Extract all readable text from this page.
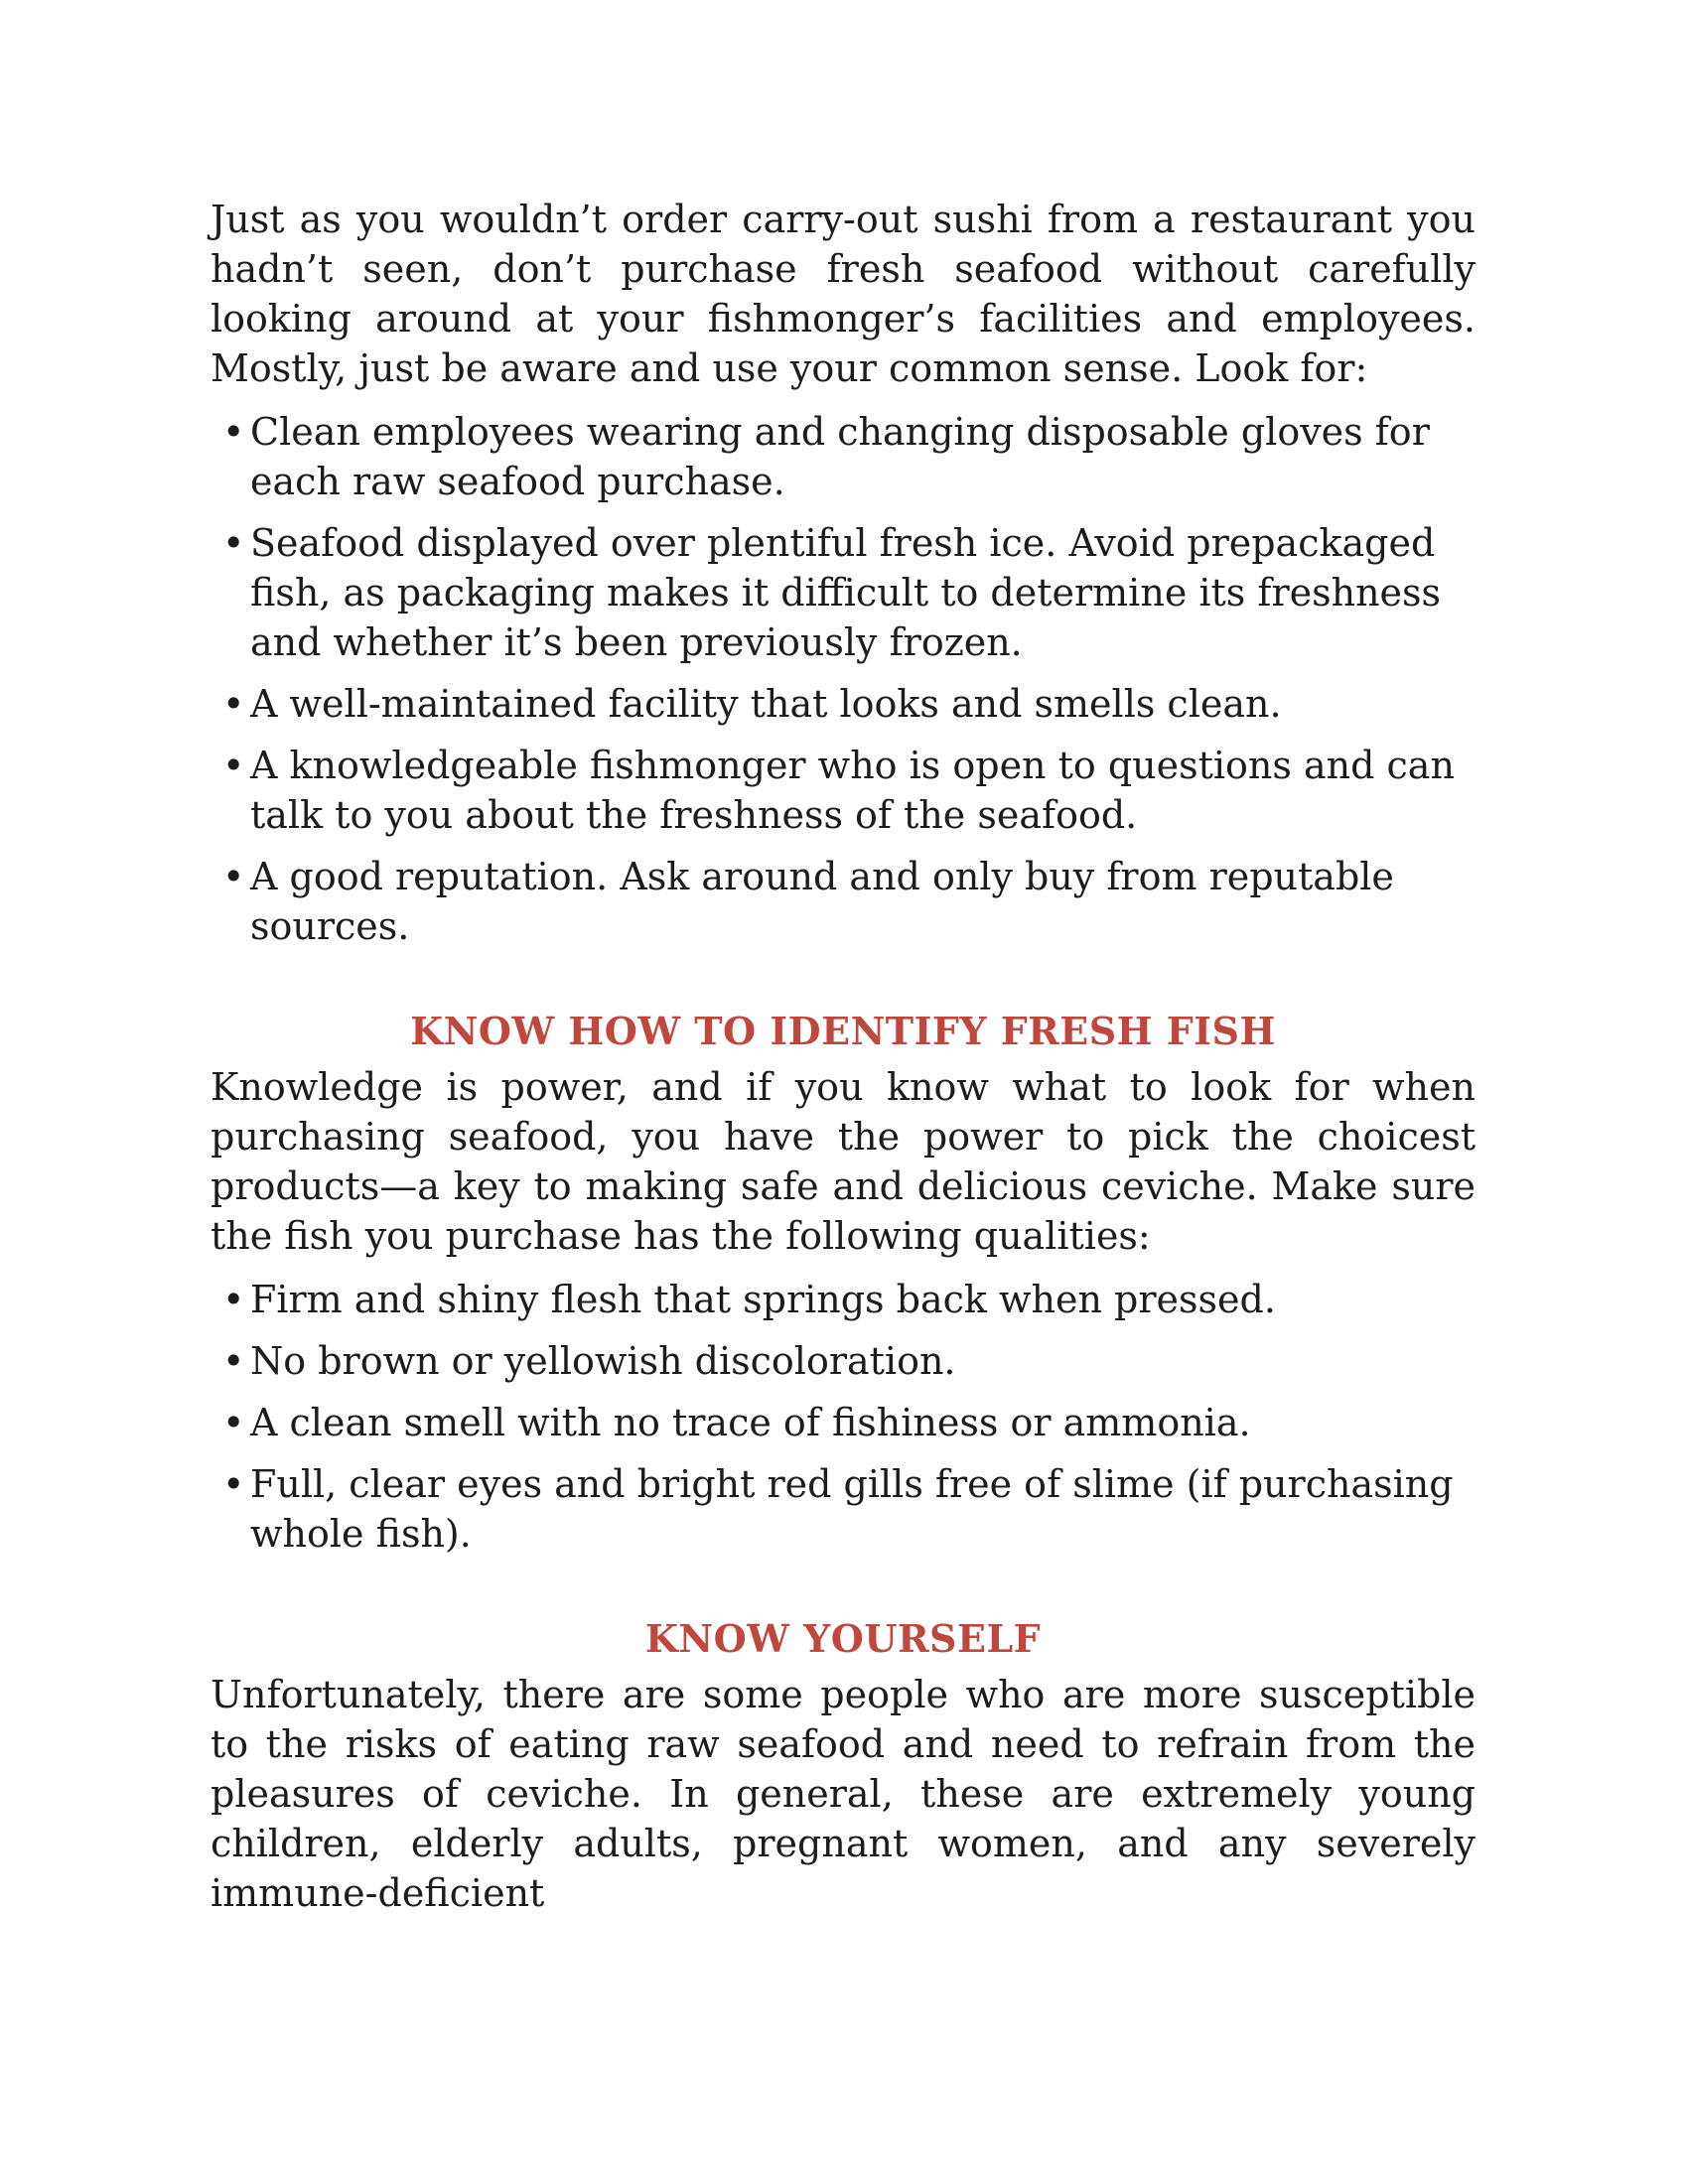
Just as you wouldn’t order carry-out sushi from a restaurant you hadn’t seen, don’t purchase fresh seafood without carefully looking around at your fishmonger’s facilities and employees. Mostly, just be aware and use your common sense. Look for:

• Clean employees wearing and changing disposable gloves for each raw seafood purchase.
• Seafood displayed over plentiful fresh ice. Avoid prepackaged fish, as packaging makes it difficult to determine its freshness and whether it’s been previously frozen.
• A well-maintained facility that looks and smells clean.
• A knowledgeable fishmonger who is open to questions and can talk to you about the freshness of the seafood.
• A good reputation. Ask around and only buy from reputable sources.
KNOW HOW TO IDENTIFY FRESH FISH

Knowledge is power, and if you know what to look for when purchasing seafood, you have the power to pick the choicest products—a key to making safe and delicious ceviche. Make sure the fish you purchase has the following qualities:

• Firm and shiny flesh that springs back when pressed.
• No brown or yellowish discoloration.
• A clean smell with no trace of fishiness or ammonia.
• Full, clear eyes and bright red gills free of slime (if purchasing whole fish).
KNOW YOURSELF

Unfortunately, there are some people who are more susceptible to the risks of eating raw seafood and need to refrain from the pleasures of ceviche. In general, these are extremely young children, elderly adults, pregnant women, and any severely immune-deficient
